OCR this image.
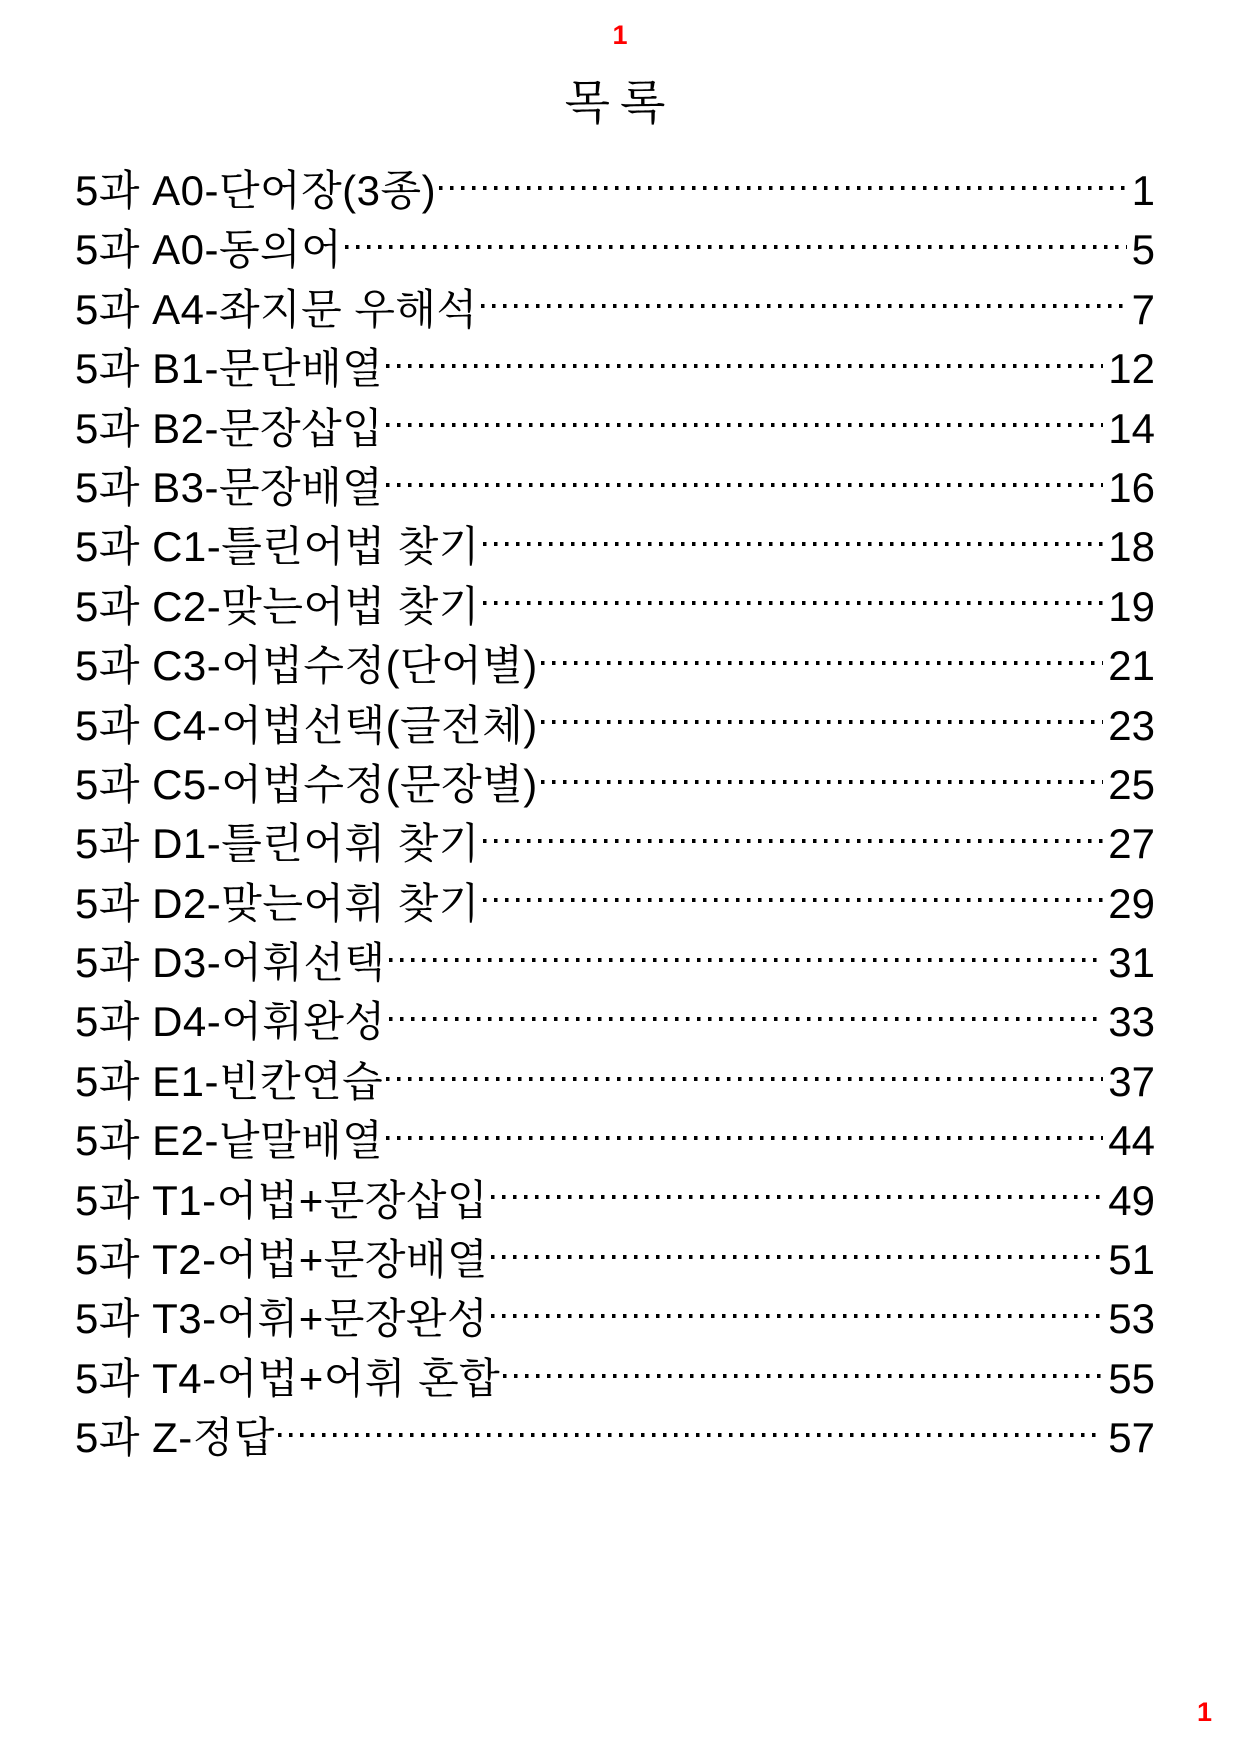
1
목록
5과 A0-단어장(3종)	1
5과 A0-동의어	5
5과 A4-좌지문 우해석	7
5과 B1-문단배열	12
5과 B2-문장삽입	14
5과 B3-문장배열	16
5과 C1-틀린어법 찾기	18
5과 C2-맞는어법 찾기	19
5과 C3-어법수정(단어별)	21
5과 C4-어법선택(글전체)	23
5과 C5-어법수정(문장별)	25
5과 D1-틀린어휘 찾기	27
5과 D2-맞는어휘 찾기	29
5과 D3-어휘선택	31
5과 D4-어휘완성	33
5과 E1-빈칸연습	37
5과 E2-낱말배열	44
5과 T1-어법+문장삽입	49
5과 T2-어법+문장배열	51
5과 T3-어휘+문장완성	53
5과 T4-어법+어휘 혼합	55
5과 Z-정답	57
1
